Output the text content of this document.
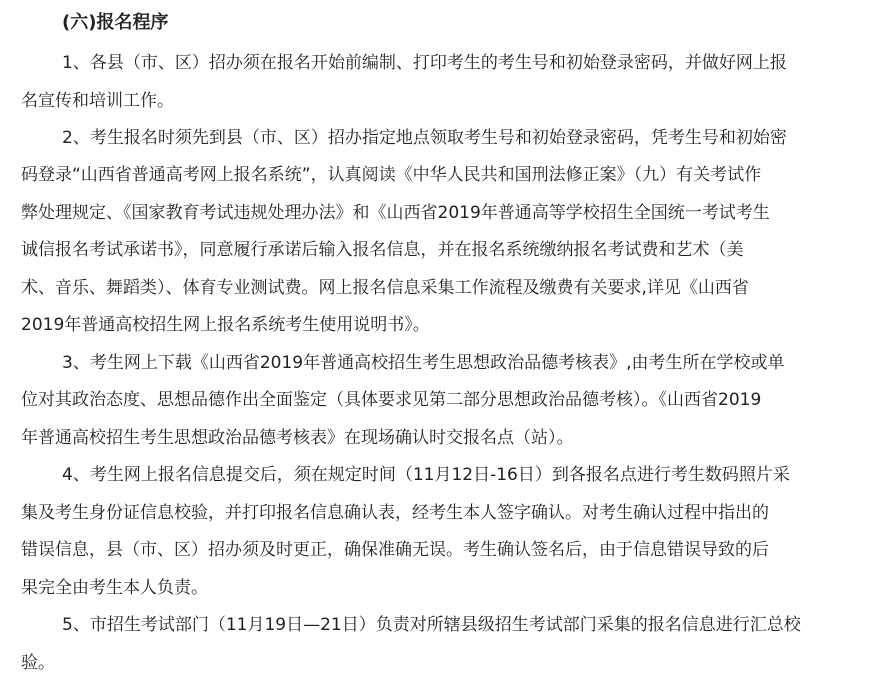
(六)报名程序
1、各县（市、区）招办须在报名开始前编制、打印考生的考生号和初始登录密码，并做好网上报
名宣传和培训工作。
2、考生报名时须先到县（市、区）招办指定地点领取考生号和初始登录密码，凭考生号和初始密
码登录“山西省普通高考网上报名系统”，认真阅读《中华人民共和国刑法修正案》（九）有关考试作
弊处理规定、《国家教育考试违规处理办法》和《山西省2019年普通高等学校招生全国统一考试考生
诚信报名考试承诺书》，同意履行承诺后输入报名信息，并在报名系统缴纳报名考试费和艺术（美
术、音乐、舞蹈类）、体育专业测试费。网上报名信息采集工作流程及缴费有关要求,详见《山西省
2019年普通高校招生网上报名系统考生使用说明书》。
3、考生网上下载《山西省2019年普通高校招生考生思想政治品德考核表》,由考生所在学校或单
位对其政治态度、思想品德作出全面鉴定（具体要求见第二部分思想政治品德考核）。《山西省2019
年普通高校招生考生思想政治品德考核表》在现场确认时交报名点（站）。
4、考生网上报名信息提交后，须在规定时间（11月12日-16日）到各报名点进行考生数码照片采
集及考生身份证信息校验，并打印报名信息确认表，经考生本人签字确认。对考生确认过程中指出的
错误信息，县（市、区）招办须及时更正，确保准确无误。考生确认签名后，由于信息错误导致的后
果完全由考生本人负责。
5、市招生考试部门（11月19日—21日）负责对所辖县级招生考试部门采集的报名信息进行汇总校
验。
